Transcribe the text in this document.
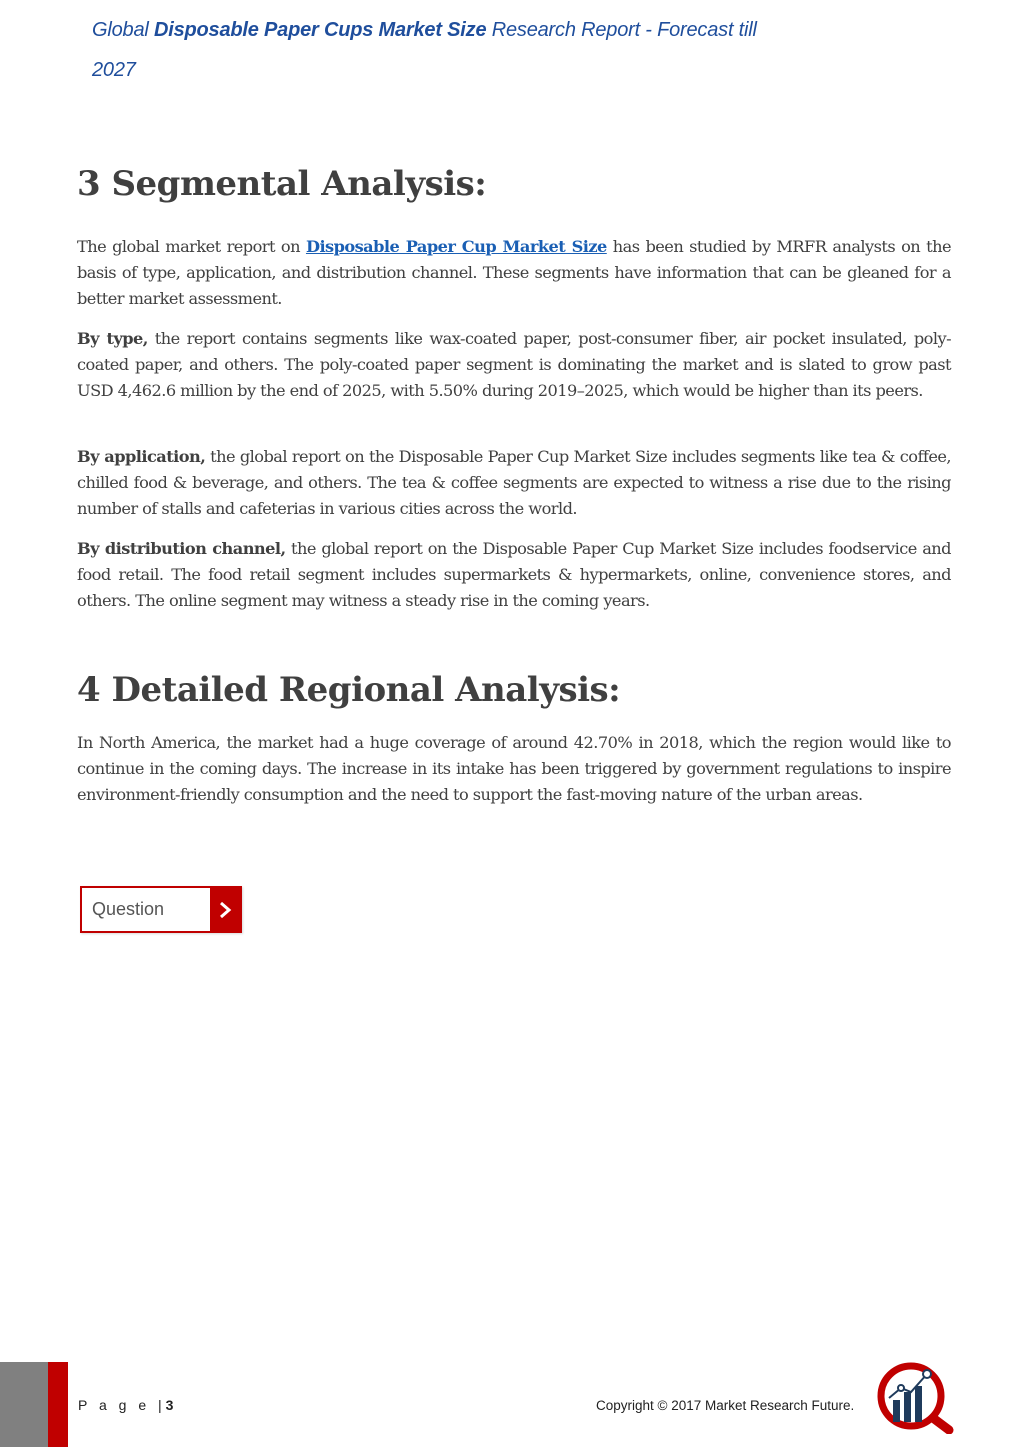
Global Disposable Paper Cups Market Size Research Report - Forecast till 2027
3 Segmental Analysis:

The global market report on Disposable Paper Cup Market Size has been studied by MRFR analysts on the basis of type, application, and distribution channel. These segments have information that can be gleaned for a better market assessment.

By type, the report contains segments like wax-coated paper, post-consumer fiber, air pocket insulated, poly-coated paper, and others. The poly-coated paper segment is dominating the market and is slated to grow past USD 4,462.6 million by the end of 2025, with 5.50% during 2019–2025, which would be higher than its peers.

By application, the global report on the Disposable Paper Cup Market Size includes segments like tea & coffee, chilled food & beverage, and others. The tea & coffee segments are expected to witness a rise due to the rising number of stalls and cafeterias in various cities across the world.

By distribution channel, the global report on the Disposable Paper Cup Market Size includes foodservice and food retail. The food retail segment includes supermarkets & hypermarkets, online, convenience stores, and others. The online segment may witness a steady rise in the coming years.

4 Detailed Regional Analysis:

In North America, the market had a huge coverage of around 42.70% in 2018, which the region would like to continue in the coming days. The increase in its intake has been triggered by government regulations to inspire environment-friendly consumption and the need to support the fast-moving nature of the urban areas.

Question
P a g e |3	Copyright © 2017 Market Research Future.
